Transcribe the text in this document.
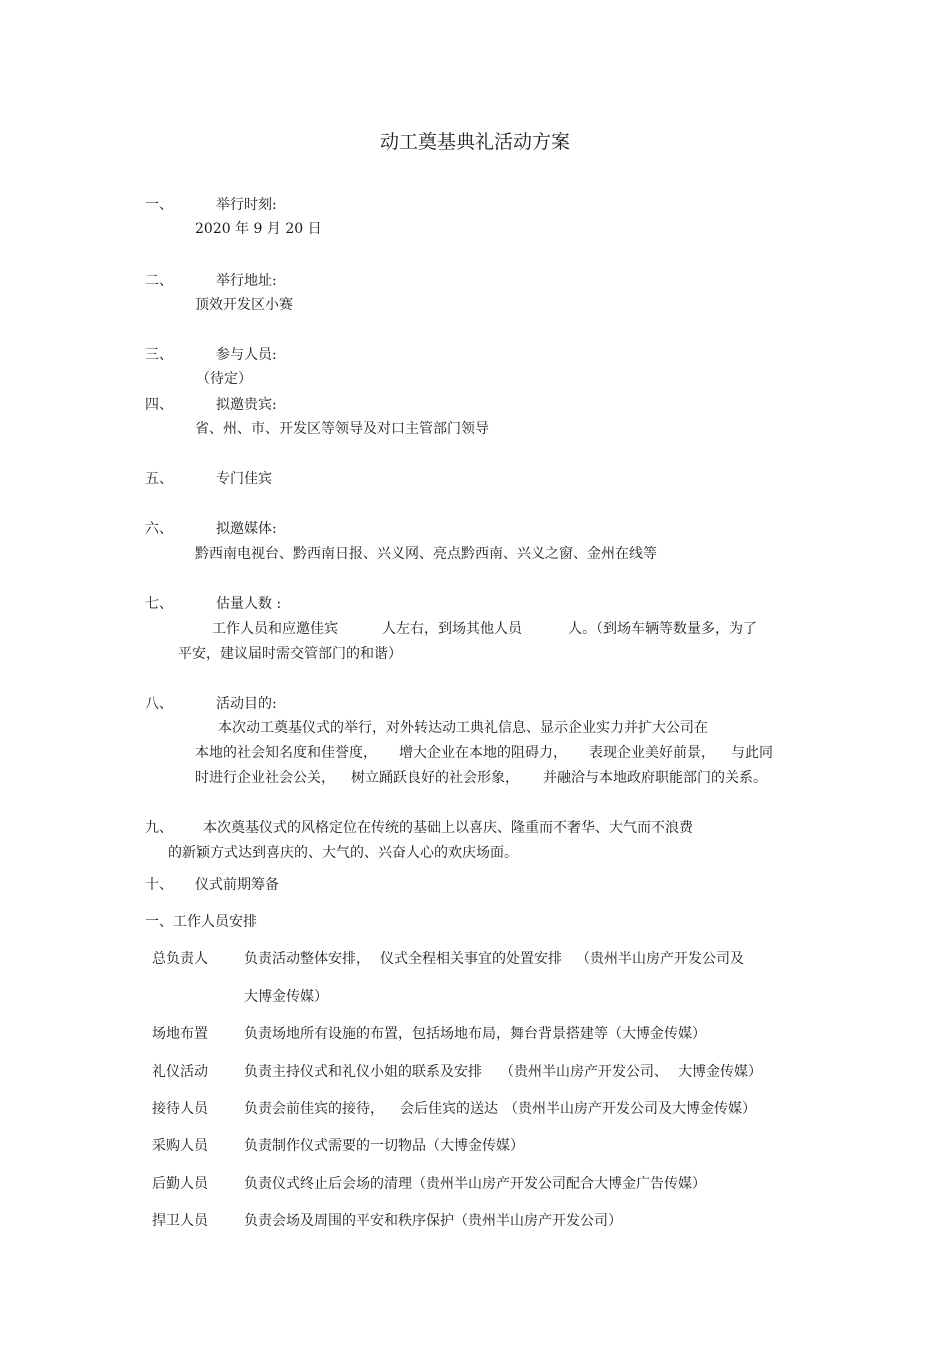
动工奠基典礼活动方案
一、	举行时刻:
2020 年 9 月 20 日
二、	举行地址:
顶效开发区小赛
三、	参与人员:
（待定）
四、	拟邀贵宾:
省、州、市、开发区等领导及对口主管部门领导
五、	专门佳宾
六、	拟邀媒体:
黔西南电视台、黔西南日报、兴义网、亮点黔西南、兴义之窗、金州在线等
七、	估量人数 :
工作人员和应邀佳宾	人左右，到场其他人员	人。（到场车辆等数量多，为了
平安，建议届时需交管部门的和谐）
八、	活动目的:
本次动工奠基仪式的举行，对外转达动工典礼信息、显示企业实力并扩大公司在
本地的社会知名度和佳誉度， 增大企业在本地的阻碍力， 表现企业美好前景， 与此同
时进行企业社会公关， 树立踊跃良好的社会形象， 并融洽与本地政府职能部门的关系。
九、 本次奠基仪式的风格定位在传统的基础上以喜庆、隆重而不奢华、大气而不浪费
的新颖方式达到喜庆的、大气的、兴奋人心的欢庆场面。
十、 仪式前期筹备
一、工作人员安排
总负责人	负责活动整体安排， 仪式全程相关事宜的处置安排 （贵州半山房产开发公司及
大博金传媒）
场地布置	负责场地所有设施的布置，包括场地布局，舞台背景搭建等（大博金传媒）
礼仪活动	负责主持仪式和礼仪小姐的联系及安排 （贵州半山房产开发公司、 大博金传媒）
接待人员	负责会前佳宾的接待， 会后佳宾的送达 （贵州半山房产开发公司及大博金传媒）
采购人员	负责制作仪式需要的一切物品（大博金传媒）
后勤人员	负责仪式终止后会场的清理（贵州半山房产开发公司配合大博金广告传媒）
捍卫人员	负责会场及周围的平安和秩序保护（贵州半山房产开发公司）
